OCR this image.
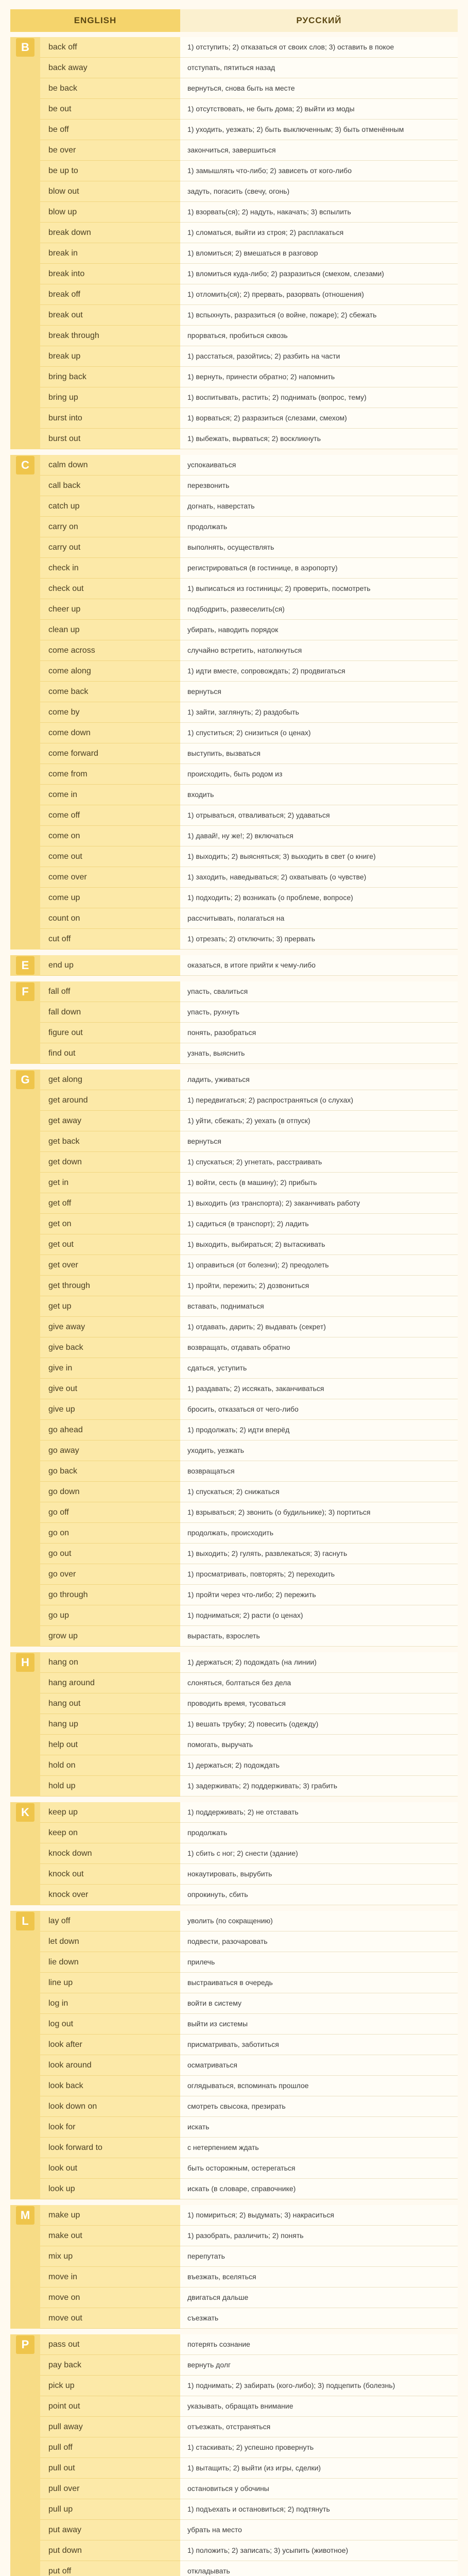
ENGLISH	РУССКИЙ
B	back off	1) отступить; 2) отказаться от своих слов; 3) оставить в покое
back away	отступать, пятиться назад
be back	вернуться, снова быть на месте
be out	1) отсутствовать, не быть дома; 2) выйти из моды
be off	1) уходить, уезжать; 2) быть выключенным; 3) быть отменённым
be over	закончиться, завершиться
be up to	1) замышлять что-либо; 2) зависеть от кого-либо
blow out	задуть, погасить (свечу, огонь)
blow up	1) взорвать(ся); 2) надуть, накачать; 3) вспылить
break down	1) сломаться, выйти из строя; 2) расплакаться
break in	1) вломиться; 2) вмешаться в разговор
break into	1) вломиться куда-либо; 2) разразиться (смехом, слезами)
break off	1) отломить(ся); 2) прервать, разорвать (отношения)
break out	1) вспыхнуть, разразиться (о войне, пожаре); 2) сбежать
break through	прорваться, пробиться сквозь
break up	1) расстаться, разойтись; 2) разбить на части
bring back	1) вернуть, принести обратно; 2) напомнить
bring up	1) воспитывать, растить; 2) поднимать (вопрос, тему)
burst into	1) ворваться; 2) разразиться (слезами, смехом)
burst out	1) выбежать, вырваться; 2) воскликнуть
C	calm down	успокаиваться
call back	перезвонить
catch up	догнать, наверстать
carry on	продолжать
carry out	выполнять, осуществлять
check in	регистрироваться (в гостинице, в аэропорту)
check out	1) выписаться из гостиницы; 2) проверить, посмотреть
cheer up	подбодрить, развеселить(ся)
clean up	убирать, наводить порядок
come across	случайно встретить, натолкнуться
come along	1) идти вместе, сопровождать; 2) продвигаться
come back	вернуться
come by	1) зайти, заглянуть; 2) раздобыть
come down	1) спуститься; 2) снизиться (о ценах)
come forward	выступить, вызваться
come from	происходить, быть родом из
come in	входить
come off	1) отрываться, отваливаться; 2) удаваться
come on	1) давай!, ну же!; 2) включаться
come out	1) выходить; 2) выясняться; 3) выходить в свет (о книге)
come over	1) заходить, наведываться; 2) охватывать (о чувстве)
come up	1) подходить; 2) возникать (о проблеме, вопросе)
count on	рассчитывать, полагаться на
cut off	1) отрезать; 2) отключить; 3) прервать
E	end up	оказаться, в итоге прийти к чему-либо
F	fall off	упасть, свалиться
fall down	упасть, рухнуть
figure out	понять, разобраться
find out	узнать, выяснить
G	get along	ладить, уживаться
get around	1) передвигаться; 2) распространяться (о слухах)
get away	1) уйти, сбежать; 2) уехать (в отпуск)
get back	вернуться
get down	1) спускаться; 2) угнетать, расстраивать
get in	1) войти, сесть (в машину); 2) прибыть
get off	1) выходить (из транспорта); 2) заканчивать работу
get on	1) садиться (в транспорт); 2) ладить
get out	1) выходить, выбираться; 2) вытаскивать
get over	1) оправиться (от болезни); 2) преодолеть
get through	1) пройти, пережить; 2) дозвониться
get up	вставать, подниматься
give away	1) отдавать, дарить; 2) выдавать (секрет)
give back	возвращать, отдавать обратно
give in	сдаться, уступить
give out	1) раздавать; 2) иссякать, заканчиваться
give up	бросить, отказаться от чего-либо
go ahead	1) продолжать; 2) идти вперёд
go away	уходить, уезжать
go back	возвращаться
go down	1) спускаться; 2) снижаться
go off	1) взрываться; 2) звонить (о будильнике); 3) портиться
go on	продолжать, происходить
go out	1) выходить; 2) гулять, развлекаться; 3) гаснуть
go over	1) просматривать, повторять; 2) переходить
go through	1) пройти через что-либо; 2) пережить
go up	1) подниматься; 2) расти (о ценах)
grow up	вырастать, взрослеть
H	hang on	1) держаться; 2) подождать (на линии)
hang around	слоняться, болтаться без дела
hang out	проводить время, тусоваться
hang up	1) вешать трубку; 2) повесить (одежду)
help out	помогать, выручать
hold on	1) держаться; 2) подождать
hold up	1) задерживать; 2) поддерживать; 3) грабить
K	keep up	1) поддерживать; 2) не отставать
keep on	продолжать
knock down	1) сбить с ног; 2) снести (здание)
knock out	нокаутировать, вырубить
knock over	опрокинуть, сбить
L	lay off	уволить (по сокращению)
let down	подвести, разочаровать
lie down	прилечь
line up	выстраиваться в очередь
log in	войти в систему
log out	выйти из системы
look after	присматривать, заботиться
look around	осматриваться
look back	оглядываться, вспоминать прошлое
look down on	смотреть свысока, презирать
look for	искать
look forward to	с нетерпением ждать
look out	быть осторожным, остерегаться
look up	искать (в словаре, справочнике)
M	make up	1) помириться; 2) выдумать; 3) накраситься
make out	1) разобрать, различить; 2) понять
mix up	перепутать
move in	въезжать, вселяться
move on	двигаться дальше
move out	съезжать
P	pass out	потерять сознание
pay back	вернуть долг
pick up	1) поднимать; 2) забирать (кого-либо); 3) подцепить (болезнь)
point out	указывать, обращать внимание
pull away	отъезжать, отстраняться
pull off	1) стаскивать; 2) успешно провернуть
pull out	1) вытащить; 2) выйти (из игры, сделки)
pull over	остановиться у обочины
pull up	1) подъехать и остановиться; 2) подтянуть
put away	убрать на место
put down	1) положить; 2) записать; 3) усыпить (животное)
put off	откладывать
